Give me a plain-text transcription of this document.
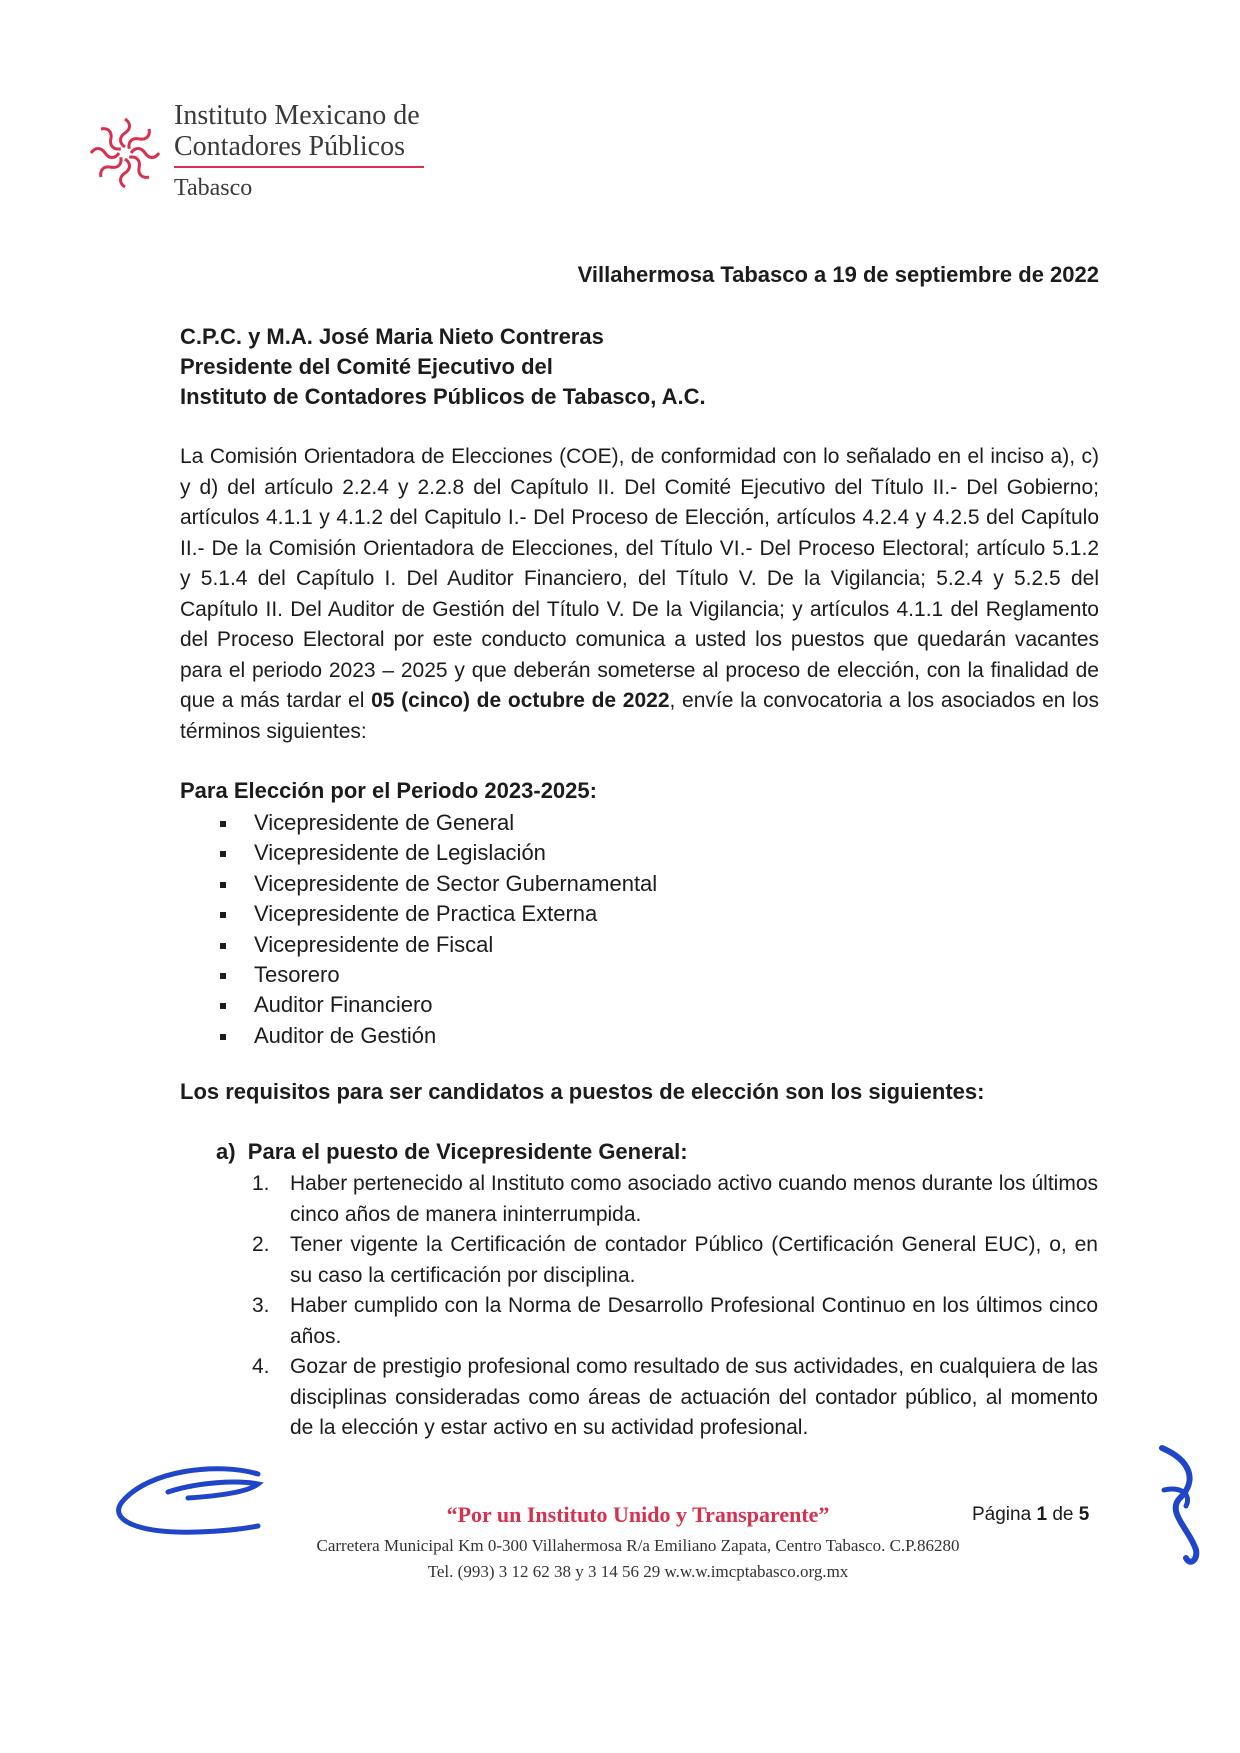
Instituto Mexicano de
Contadores Públicos
Tabasco
Villahermosa Tabasco a 19 de septiembre de 2022
C.P.C. y M.A. José Maria Nieto Contreras
Presidente del Comité Ejecutivo del
Instituto de Contadores Públicos de Tabasco, A.C.
La Comisión Orientadora de Elecciones (COE), de conformidad con lo señalado en el inciso a), c) y d) del artículo 2.2.4 y 2.2.8 del Capítulo II. Del Comité Ejecutivo del Título II.- Del Gobierno; artículos 4.1.1 y 4.1.2 del Capitulo I.- Del Proceso de Elección, artículos 4.2.4 y 4.2.5 del Capítulo II.- De la Comisión Orientadora de Elecciones, del Título VI.- Del Proceso Electoral; artículo 5.1.2 y 5.1.4 del Capítulo I. Del Auditor Financiero, del Título V. De la Vigilancia; 5.2.4 y 5.2.5 del Capítulo II. Del Auditor de Gestión del Título V. De la Vigilancia; y artículos 4.1.1 del Reglamento del Proceso Electoral por este conducto comunica a usted los puestos que quedarán vacantes para el periodo 2023 – 2025 y que deberán someterse al proceso de elección, con la finalidad de que a más tardar el 05 (cinco) de octubre de 2022, envíe la convocatoria a los asociados en los términos siguientes:
Para Elección por el Periodo 2023-2025:
Vicepresidente de General
Vicepresidente de Legislación
Vicepresidente de Sector Gubernamental
Vicepresidente de Practica Externa
Vicepresidente de Fiscal
Tesorero
Auditor Financiero
Auditor de Gestión
Los requisitos para ser candidatos a puestos de elección son los siguientes:
a) Para el puesto de Vicepresidente General:
1. Haber pertenecido al Instituto como asociado activo cuando menos durante los últimos cinco años de manera ininterrumpida.
2. Tener vigente la Certificación de contador Público (Certificación General EUC), o, en su caso la certificación por disciplina.
3. Haber cumplido con la Norma de Desarrollo Profesional Continuo en los últimos cinco años.
4. Gozar de prestigio profesional como resultado de sus actividades, en cualquiera de las disciplinas consideradas como áreas de actuación del contador público, al momento de la elección y estar activo en su actividad profesional.
“Por un Instituto Unido y Transparente”	Página 1 de 5
Carretera Municipal Km 0-300 Villahermosa R/a Emiliano Zapata, Centro Tabasco. C.P.86280
Tel. (993) 3 12 62 38 y 3 14 56 29 w.w.w.imcptabasco.org.mx
